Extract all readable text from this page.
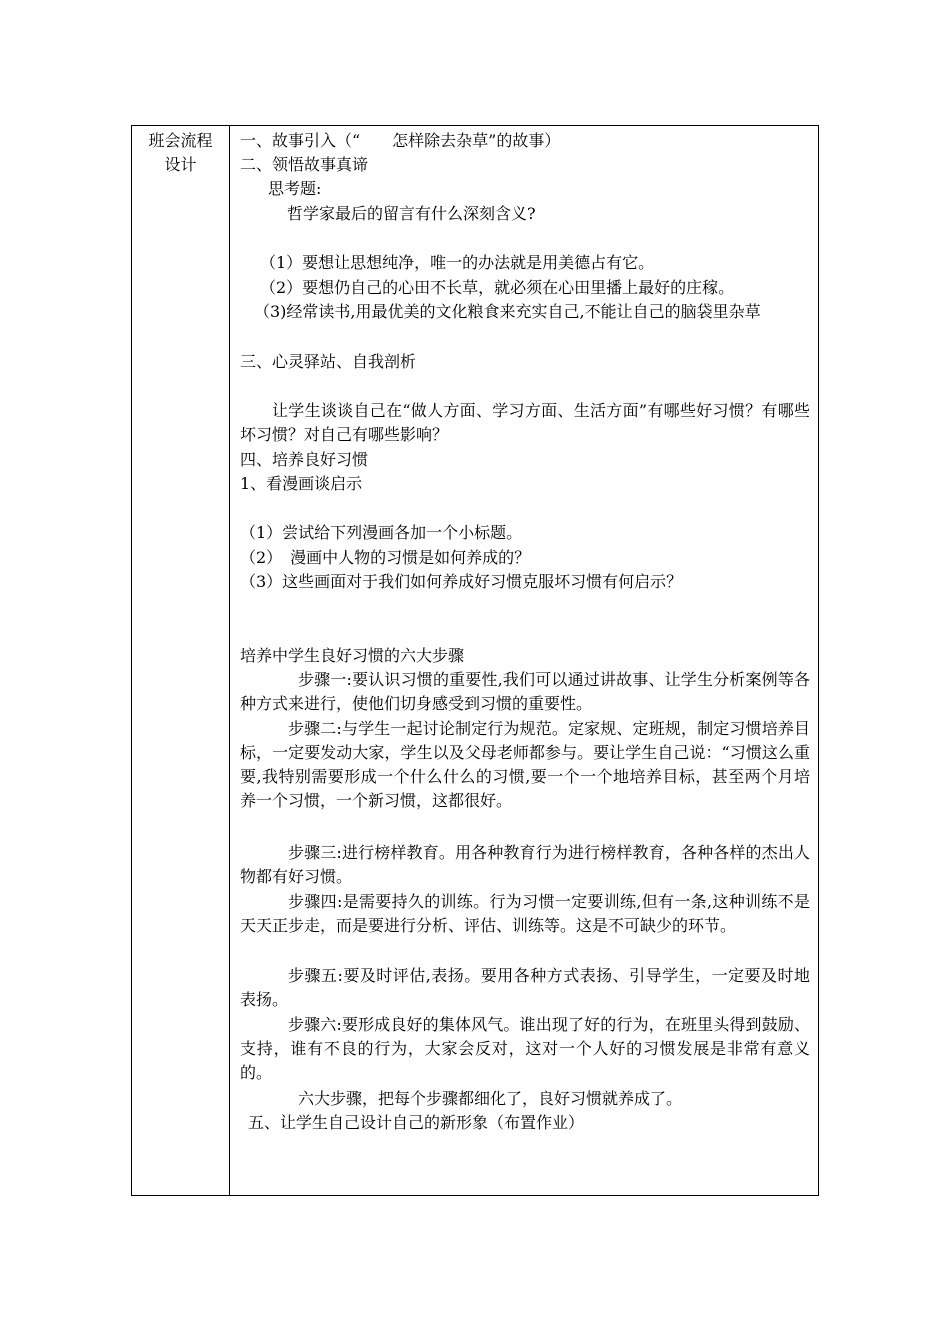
班会流程
设计
一、故事引入（“　　怎样除去杂草”的故事）
二、领悟故事真谛
思考题:
哲学家最后的留言有什么深刻含义?
（1）要想让思想纯净，唯一的办法就是用美德占有它。
（2）要想仍自己的心田不长草，就必须在心田里播上最好的庄稼。
（3)经常读书,用最优美的文化粮食来充实自己,不能让自己的脑袋里杂草
三、心灵驿站、自我剖析
让学生谈谈自己在“做人方面、学习方面、生活方面”有哪些好习惯？有哪些坏习惯？对自己有哪些影响？
四、培养良好习惯
1、看漫画谈启示
（1）尝试给下列漫画各加一个小标题。
（2）　漫画中人物的习惯是如何养成的？
（3）这些画面对于我们如何养成好习惯克服坏习惯有何启示？
培养中学生良好习惯的六大步骤
步骤一:要认识习惯的重要性,我们可以通过讲故事、让学生分析案例等各种方式来进行，使他们切身感受到习惯的重要性。
步骤二:与学生一起讨论制定行为规范。定家规、定班规，制定习惯培养目标，一定要发动大家，学生以及父母老师都参与。要让学生自己说：“习惯这么重要,我特别需要形成一个什么什么的习惯,要一个一个地培养目标，甚至两个月培养一个习惯，一个新习惯，这都很好。
步骤三:进行榜样教育。用各种教育行为进行榜样教育，各种各样的杰出人物都有好习惯。
步骤四:是需要持久的训练。行为习惯一定要训练,但有一条,这种训练不是天天正步走，而是要进行分析、评估、训练等。这是不可缺少的环节。
步骤五:要及时评估,表扬。要用各种方式表扬、引导学生，一定要及时地表扬。
步骤六:要形成良好的集体风气。谁出现了好的行为，在班里头得到鼓励、支持，谁有不良的行为，大家会反对，这对一个人好的习惯发展是非常有意义的。
六大步骤，把每个步骤都细化了，良好习惯就养成了。
五、让学生自己设计自己的新形象（布置作业）
